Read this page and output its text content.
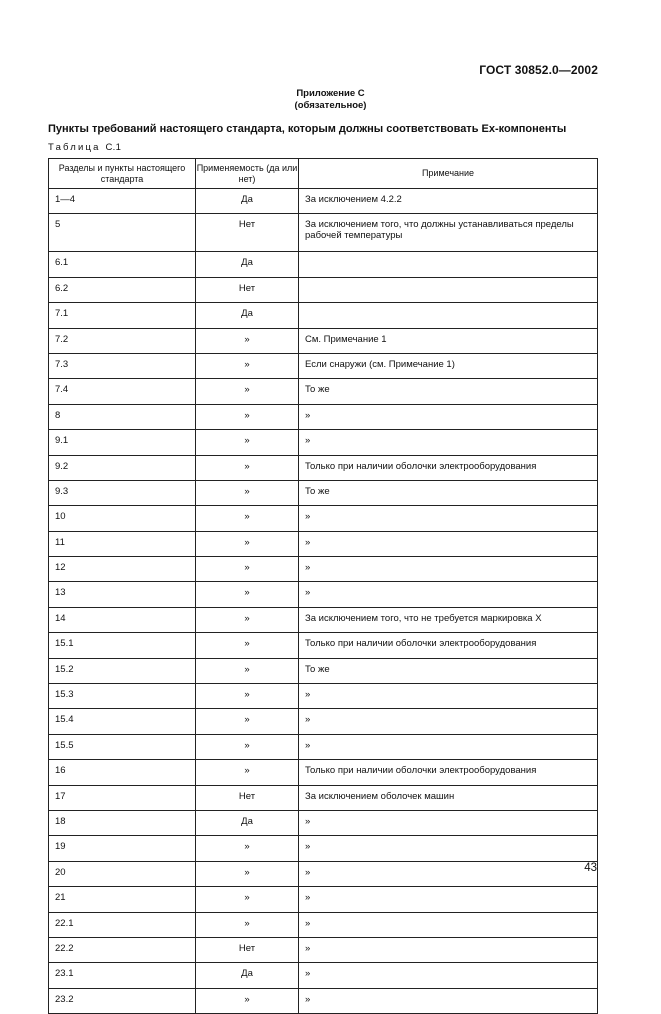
ГОСТ 30852.0—2002
Приложение С
(обязательное)
Пункты требований настоящего стандарта, которым должны соответствовать Ex-компоненты
Таблица С.1
Разделы и пункты настоящего стандарта	Применяемость (да или нет)	Примечание
1—4	Да	За исключением 4.2.2
5	Нет	За исключением того, что должны устанавливаться пределы рабочей температуры
6.1	Да	
6.2	Нет	
7.1	Да	
7.2	»	См. Примечание 1
7.3	»	Если снаружи (см. Примечание 1)
7.4	»	То же
8	»	»
9.1	»	»
9.2	»	Только при наличии оболочки электрооборудования
9.3	»	То же
10	»	»
11	»	»
12	»	»
13	»	»
14	»	За исключением того, что не требуется маркировка X
15.1	»	Только при наличии оболочки электрооборудования
15.2	»	То же
15.3	»	»
15.4	»	»
15.5	»	»
16	»	Только при наличии оболочки электрооборудования
17	Нет	За исключением оболочек машин
18	Да	»
19	»	»
20	»	»
21	»	»
22.1	»	»
22.2	Нет	»
23.1	Да	»
23.2	»	»
43
